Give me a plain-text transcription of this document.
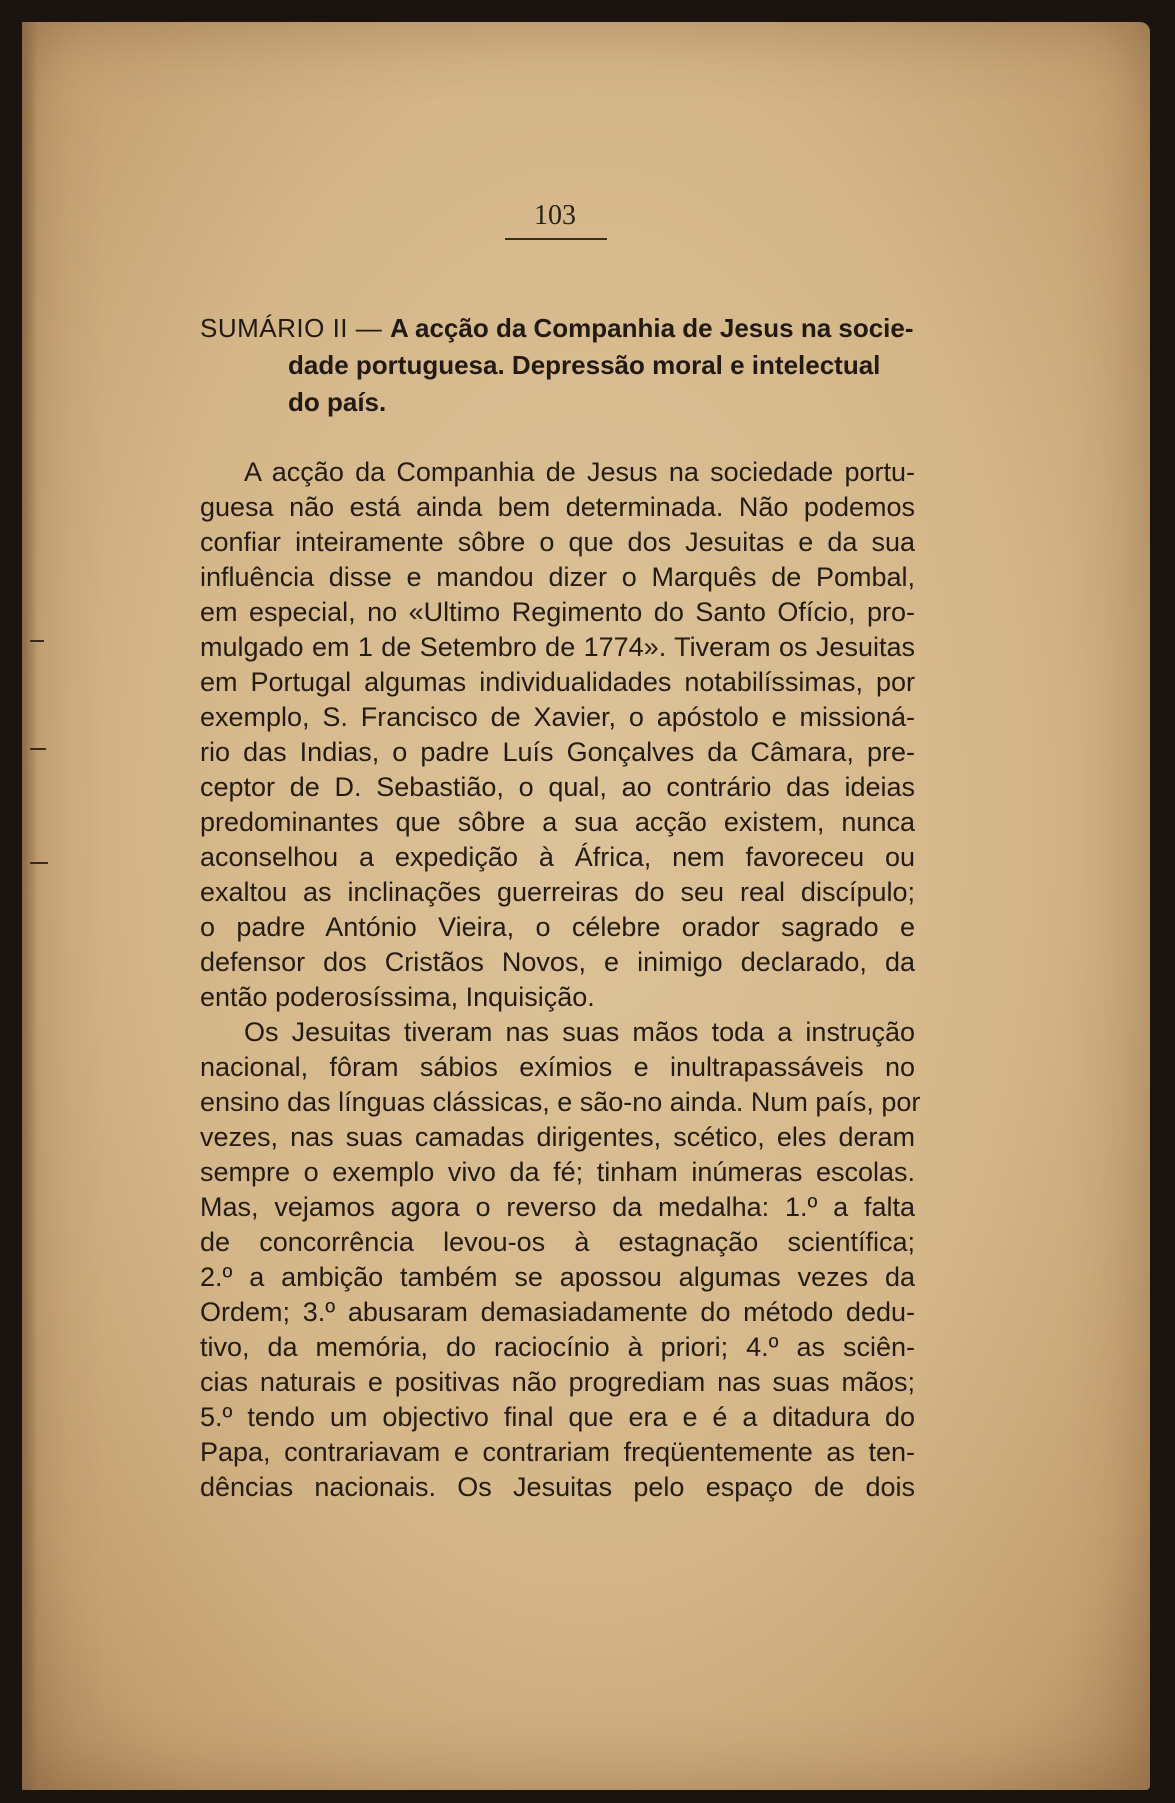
103
SUMÁRIO II — A acção da Companhia de Jesus na socie-
dade portuguesa. Depressão moral e intelectual
do país.
A acção da Companhia de Jesus na sociedade portu-
guesa não está ainda bem determinada. Não podemos
confiar inteiramente sôbre o que dos Jesuitas e da sua
influência disse e mandou dizer o Marquês de Pombal,
em especial, no «Ultimo Regimento do Santo Ofício, pro-
mulgado em 1 de Setembro de 1774». Tiveram os Jesuitas
em Portugal algumas individualidades notabilíssimas, por
exemplo, S. Francisco de Xavier, o apóstolo e missioná-
rio das Indias, o padre Luís Gonçalves da Câmara, pre-
ceptor de D. Sebastião, o qual, ao contrário das ideias
predominantes que sôbre a sua acção existem, nunca
aconselhou a expedição à África, nem favoreceu ou
exaltou as inclinações guerreiras do seu real discípulo;
o padre António Vieira, o célebre orador sagrado e
defensor dos Cristãos Novos, e inimigo declarado, da
então poderosíssima, Inquisição.
Os Jesuitas tiveram nas suas mãos toda a instrução
nacional, fôram sábios exímios e inultrapassáveis no
ensino das línguas clássicas, e são-no ainda. Num país, por
vezes, nas suas camadas dirigentes, scético, eles deram
sempre o exemplo vivo da fé; tinham inúmeras escolas.
Mas, vejamos agora o reverso da medalha: 1.º a falta
de concorrência levou-os à estagnação scientífica;
2.º a ambição também se apossou algumas vezes da
Ordem; 3.º abusaram demasiadamente do método dedu-
tivo, da memória, do raciocínio à priori; 4.º as sciên-
cias naturais e positivas não progrediam nas suas mãos;
5.º tendo um objectivo final que era e é a ditadura do
Papa, contrariavam e contrariam freqüentemente as ten-
dências nacionais. Os Jesuitas pelo espaço de dois
